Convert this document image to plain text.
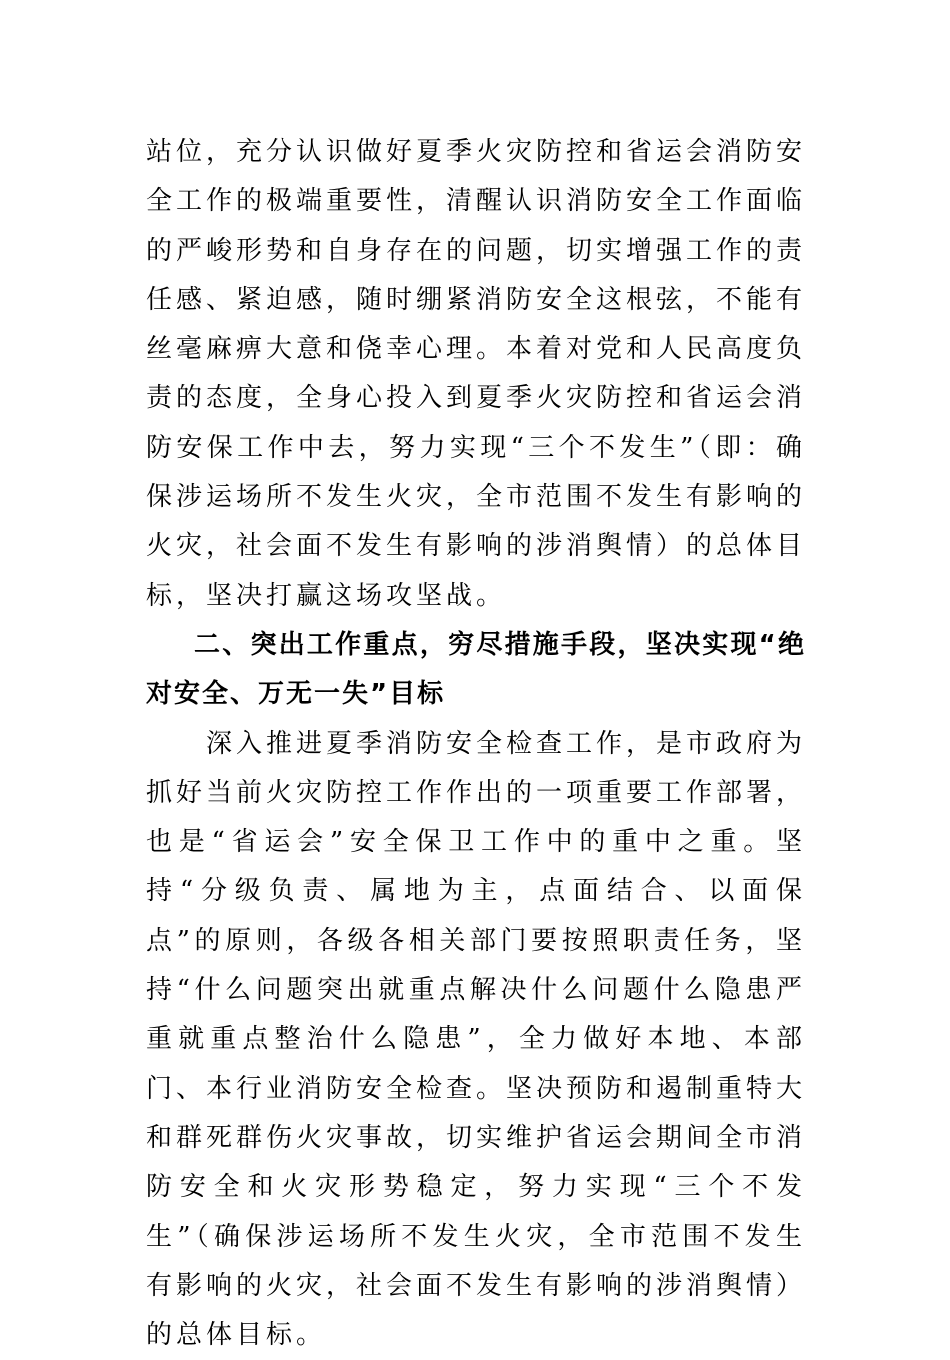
站位，充分认识做好夏季火灾防控和省运会消防安全工作的极端重要性，清醒认识消防安全工作面临的严峻形势和自身存在的问题，切实增强工作的责任感、紧迫感，随时绷紧消防安全这根弦，不能有丝毫麻痹大意和侥幸心理。本着对党和人民高度负责的态度，全身心投入到夏季火灾防控和省运会消防安保工作中去，努力实现“三个不发生”（即：确保涉运场所不发生火灾，全市范围不发生有影响的火灾，社会面不发生有影响的涉消舆情）的总体目标，坚决打赢这场攻坚战。

二、突出工作重点，穷尽措施手段，坚决实现“绝对安全、万无一失”目标

深入推进夏季消防安全检查工作，是市政府为抓好当前火灾防控工作作出的一项重要工作部署，也是“省运会”安全保卫工作中的重中之重。坚持“分级负责、属地为主，点面结合、以面保点”的原则，各级各相关部门要按照职责任务，坚持“什么问题突出就重点解决什么问题什么隐患严重就重点整治什么隐患”，全力做好本地、本部门、本行业消防安全检查。坚决预防和遏制重特大和群死群伤火灾事故，切实维护省运会期间全市消防安全和火灾形势稳定，努力实现“三个不发生”（确保涉运场所不发生火灾，全市范围不发生有影响的火灾，社会面不发生有影响的涉消舆情）的总体目标。
